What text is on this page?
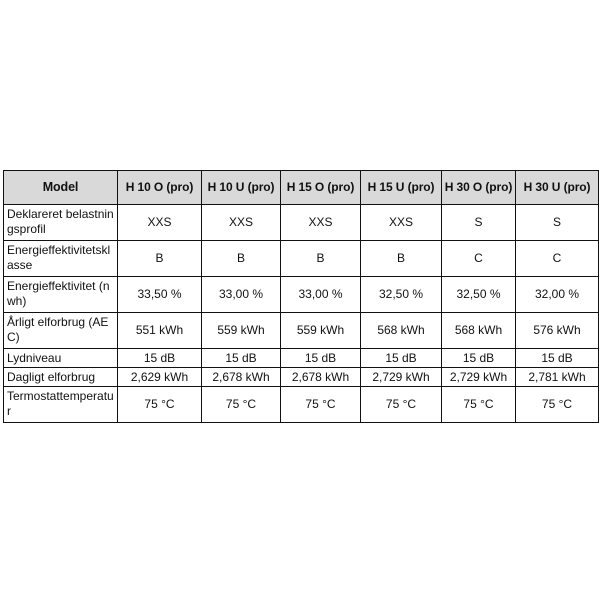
Model	H 10 O (pro)	H 10 U (pro)	H 15 O (pro)	H 15 U (pro)	H 30 O (pro)	H 30 U (pro)
Deklareret belastningsprofil	XXS	XXS	XXS	XXS	S	S
Energieffektivitetsklasse	B	B	B	B	C	C
Energieffektivitet (nwh)	33,50 %	33,00 %	33,00 %	32,50 %	32,50 %	32,00 %
Årligt elforbrug (AEC)	551 kWh	559 kWh	559 kWh	568 kWh	568 kWh	576 kWh
Lydniveau	15 dB	15 dB	15 dB	15 dB	15 dB	15 dB
Dagligt elforbrug	2,629 kWh	2,678 kWh	2,678 kWh	2,729 kWh	2,729 kWh	2,781 kWh
Termostattemperatur	75 °C	75 °C	75 °C	75 °C	75 °C	75 °C
